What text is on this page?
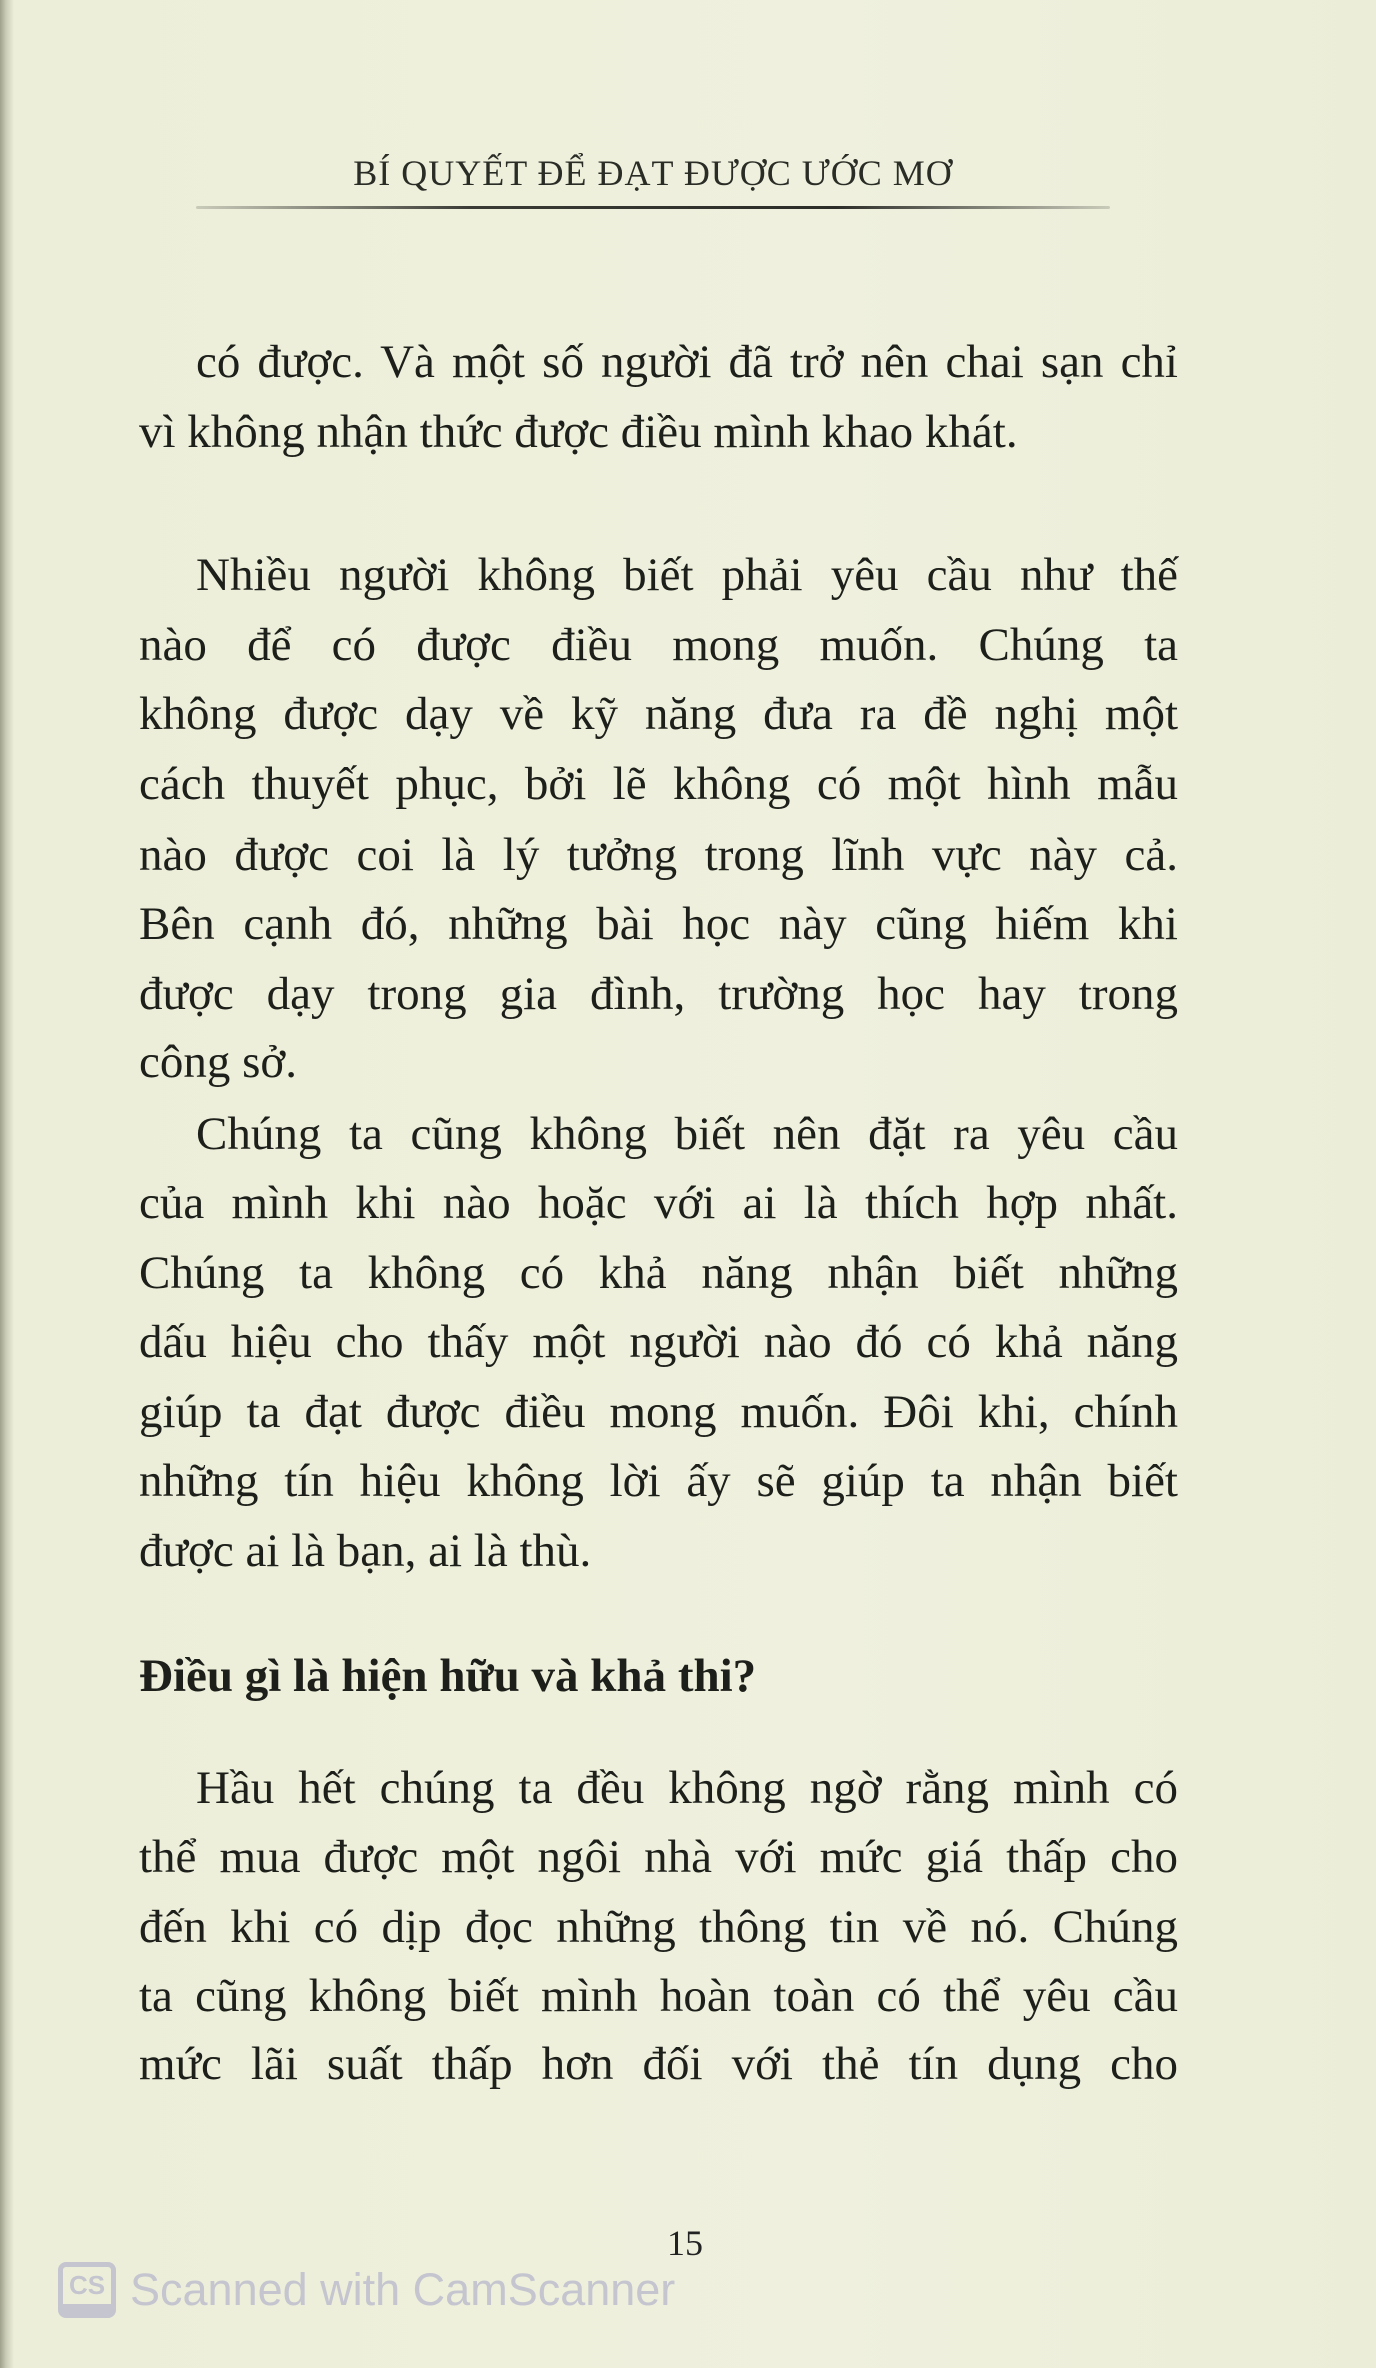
BÍ QUYẾT ĐỂ ĐẠT ĐƯỢC ƯỚC MƠ
có được. Và một số người đã trở nên chai sạn chỉ
vì không nhận thức được điều mình khao khát.
Nhiều người không biết phải yêu cầu như thế
nào để có được điều mong muốn. Chúng ta
không được dạy về kỹ năng đưa ra đề nghị một
cách thuyết phục, bởi lẽ không có một hình mẫu
nào được coi là lý tưởng trong lĩnh vực này cả.
Bên cạnh đó, những bài học này cũng hiếm khi
được dạy trong gia đình, trường học hay trong
công sở.
Chúng ta cũng không biết nên đặt ra yêu cầu
của mình khi nào hoặc với ai là thích hợp nhất.
Chúng ta không có khả năng nhận biết những
dấu hiệu cho thấy một người nào đó có khả năng
giúp ta đạt được điều mong muốn. Đôi khi, chính
những tín hiệu không lời ấy sẽ giúp ta nhận biết
được ai là bạn, ai là thù.
Hầu hết chúng ta đều không ngờ rằng mình có
thể mua được một ngôi nhà với mức giá thấp cho
đến khi có dịp đọc những thông tin về nó. Chúng
ta cũng không biết mình hoàn toàn có thể yêu cầu
mức lãi suất thấp hơn đối với thẻ tín dụng cho
Điều gì là hiện hữu và khả thi?
15
CS Scanned with CamScanner
